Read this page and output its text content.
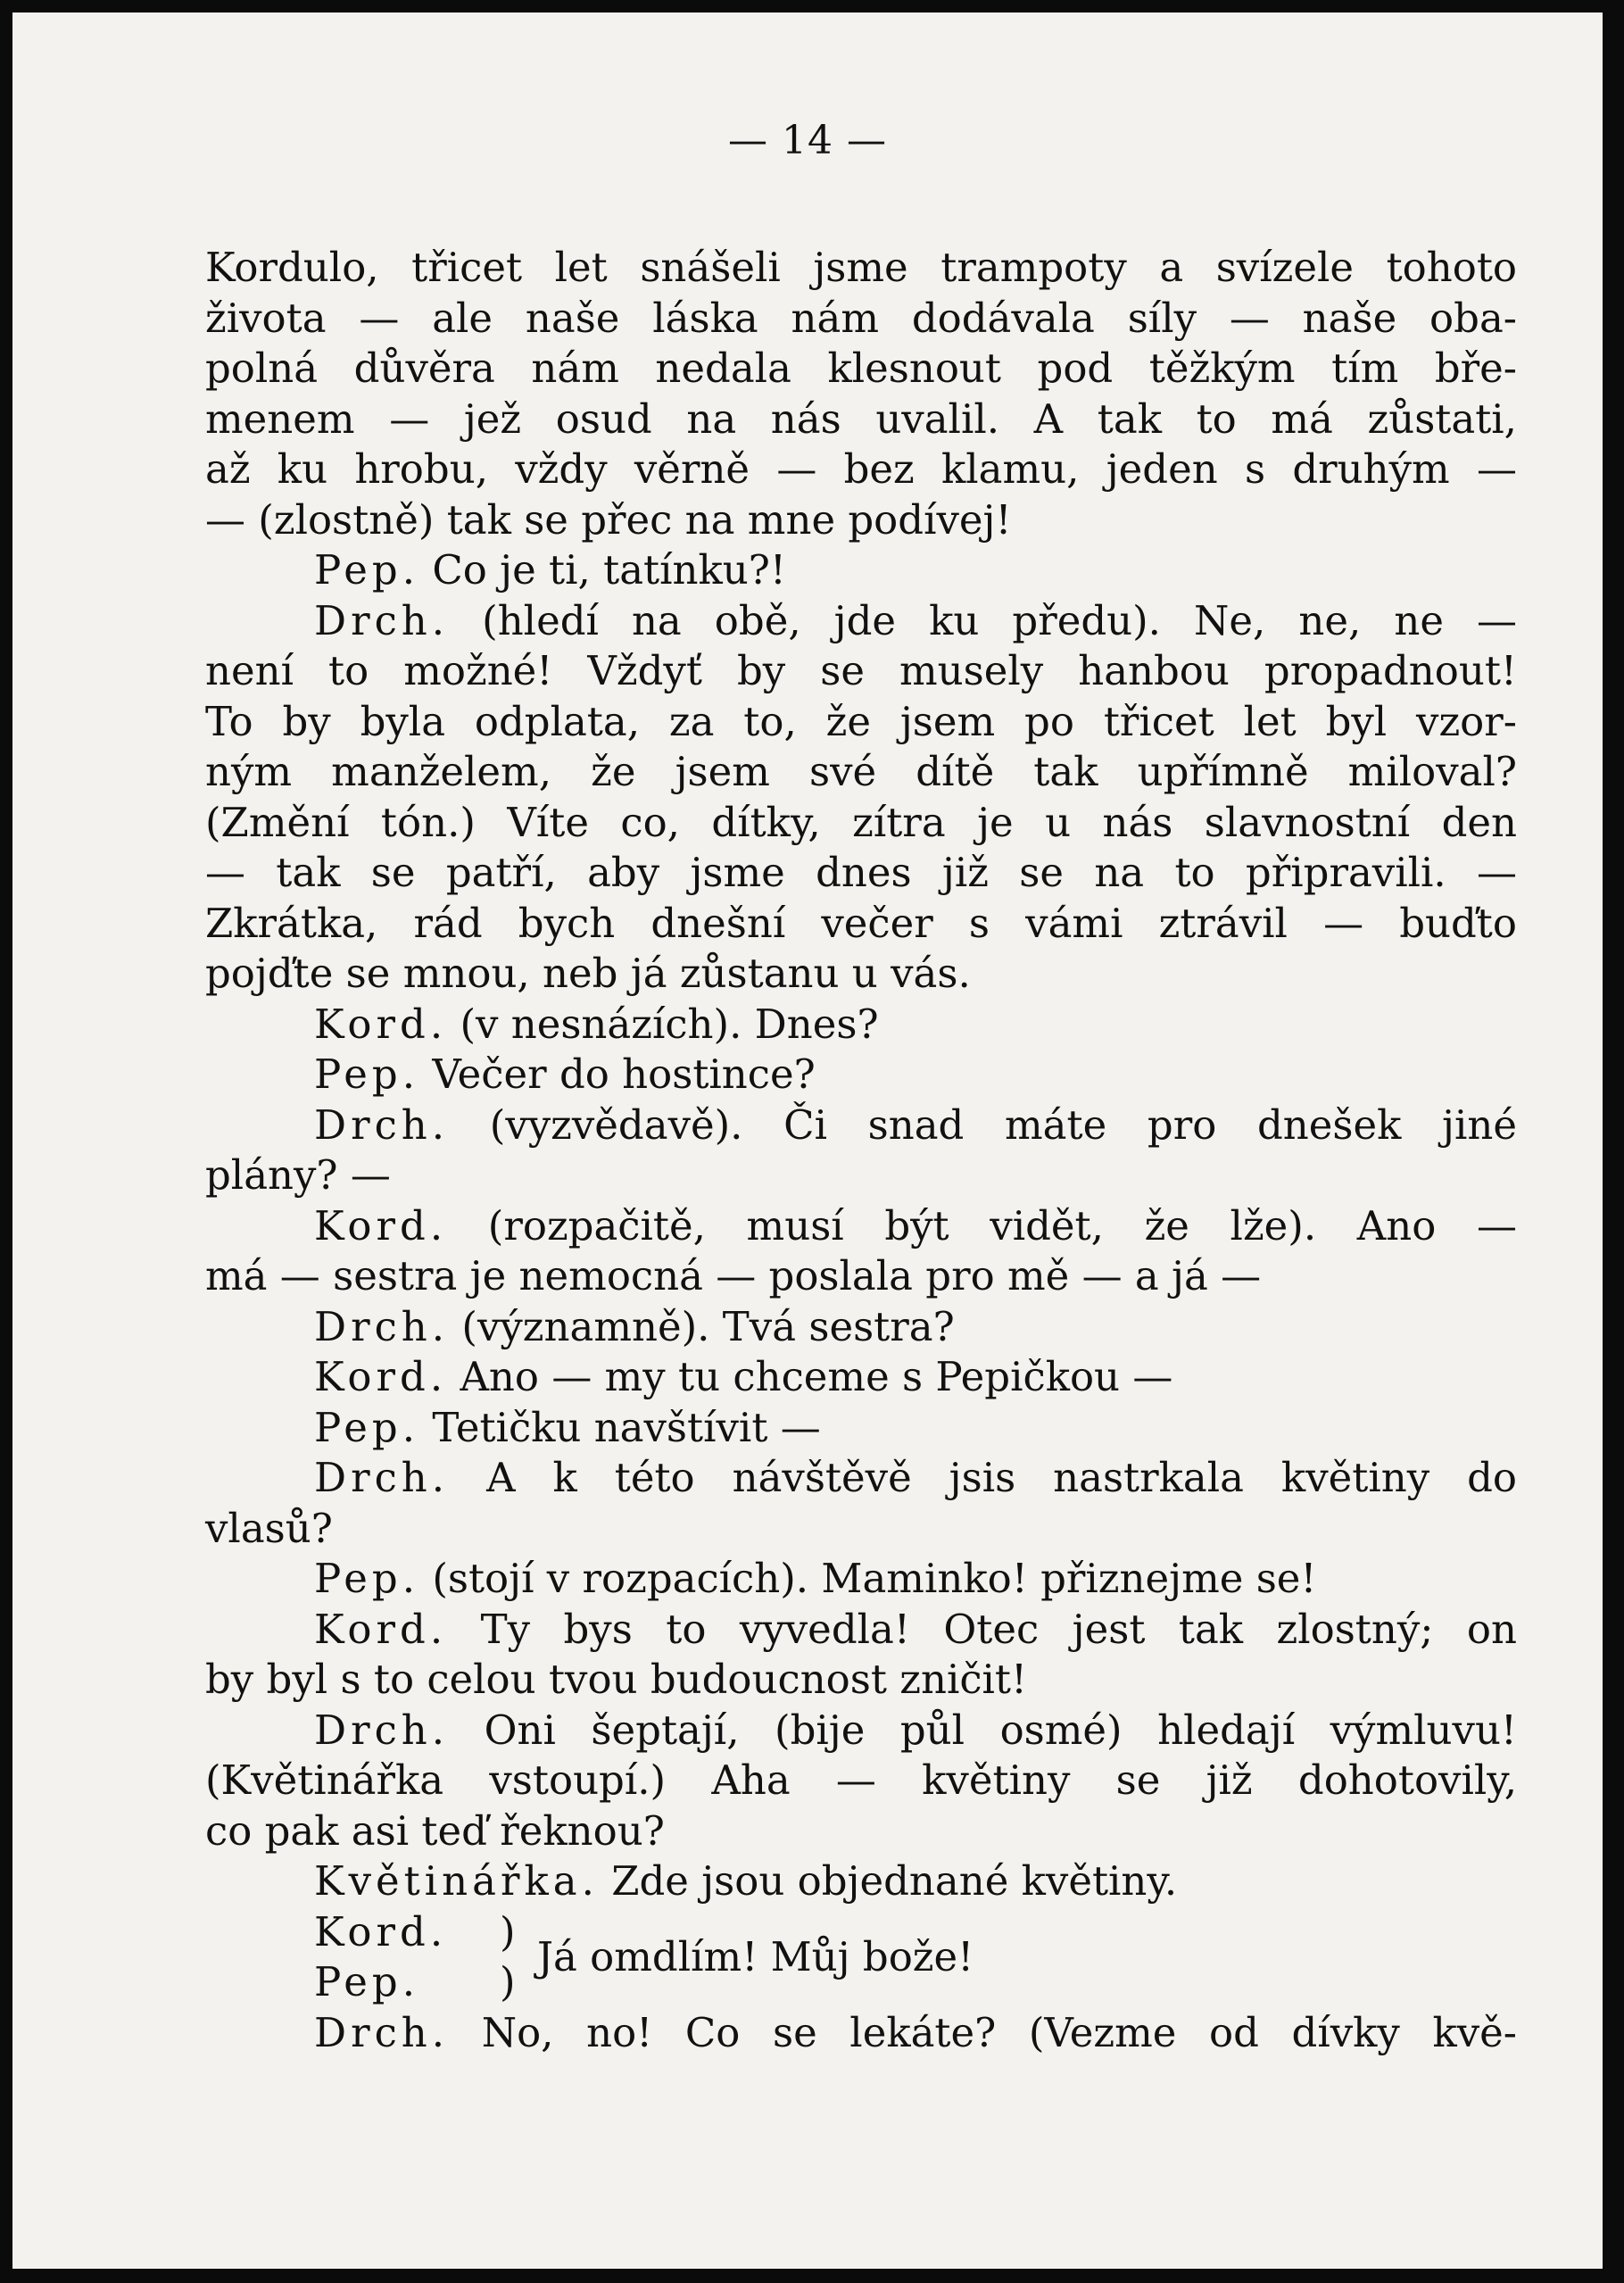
— 14 —

Kordulo, třicet let snášeli jsme trampoty a svízele tohoto
života — ale naše láska nám dodávala síly — naše oba-
polná důvěra nám nedala klesnout pod těžkým tím bře-
menem — jež osud na nás uvalil. A tak to má zůstati,
až ku hrobu, vždy věrně — bez klamu, jeden s druhým —
— (zlostně) tak se přec na mne podívej!
Pep. Co je ti, tatínku?!
Drch. (hledí na obě, jde ku předu). Ne, ne, ne —
není to možné! Vždyť by se musely hanbou propadnout!
To by byla odplata, za to, že jsem po třicet let byl vzor-
ným manželem, že jsem své dítě tak upřímně miloval?
(Změní tón.) Víte co, dítky, zítra je u nás slavnostní den
— tak se patří, aby jsme dnes již se na to připravili. —
Zkrátka, rád bych dnešní večer s vámi ztrávil — buďto
pojďte se mnou, neb já zůstanu u vás.
Kord. (v nesnázích). Dnes?
Pep. Večer do hostince?
Drch. (vyzvědavě). Či snad máte pro dnešek jiné
plány? —
Kord. (rozpačitě, musí být vidět, že lže). Ano —
má — sestra je nemocná — poslala pro mě — a já —
Drch. (významně). Tvá sestra?
Kord. Ano — my tu chceme s Pepičkou —
Pep. Tetičku navštívit —
Drch. A k této návštěvě jsis nastrkala květiny do
vlasů?
Pep. (stojí v rozpacích). Maminko! přiznejme se!
Kord. Ty bys to vyvedla! Otec jest tak zlostný; on
by byl s to celou tvou budoucnost zničit!
Drch. Oni šeptají, (bije půl osmé) hledají výmluvu!
(Květinářka vstoupí.) Aha — květiny se již dohotovily,
co pak asi teď řeknou?
Květinářka. Zde jsou objednané květiny.
Kord.
Pep.
)
)
Já omdlím! Můj bože!
Drch. No, no! Co se lekáte? (Vezme od dívky kvě-
